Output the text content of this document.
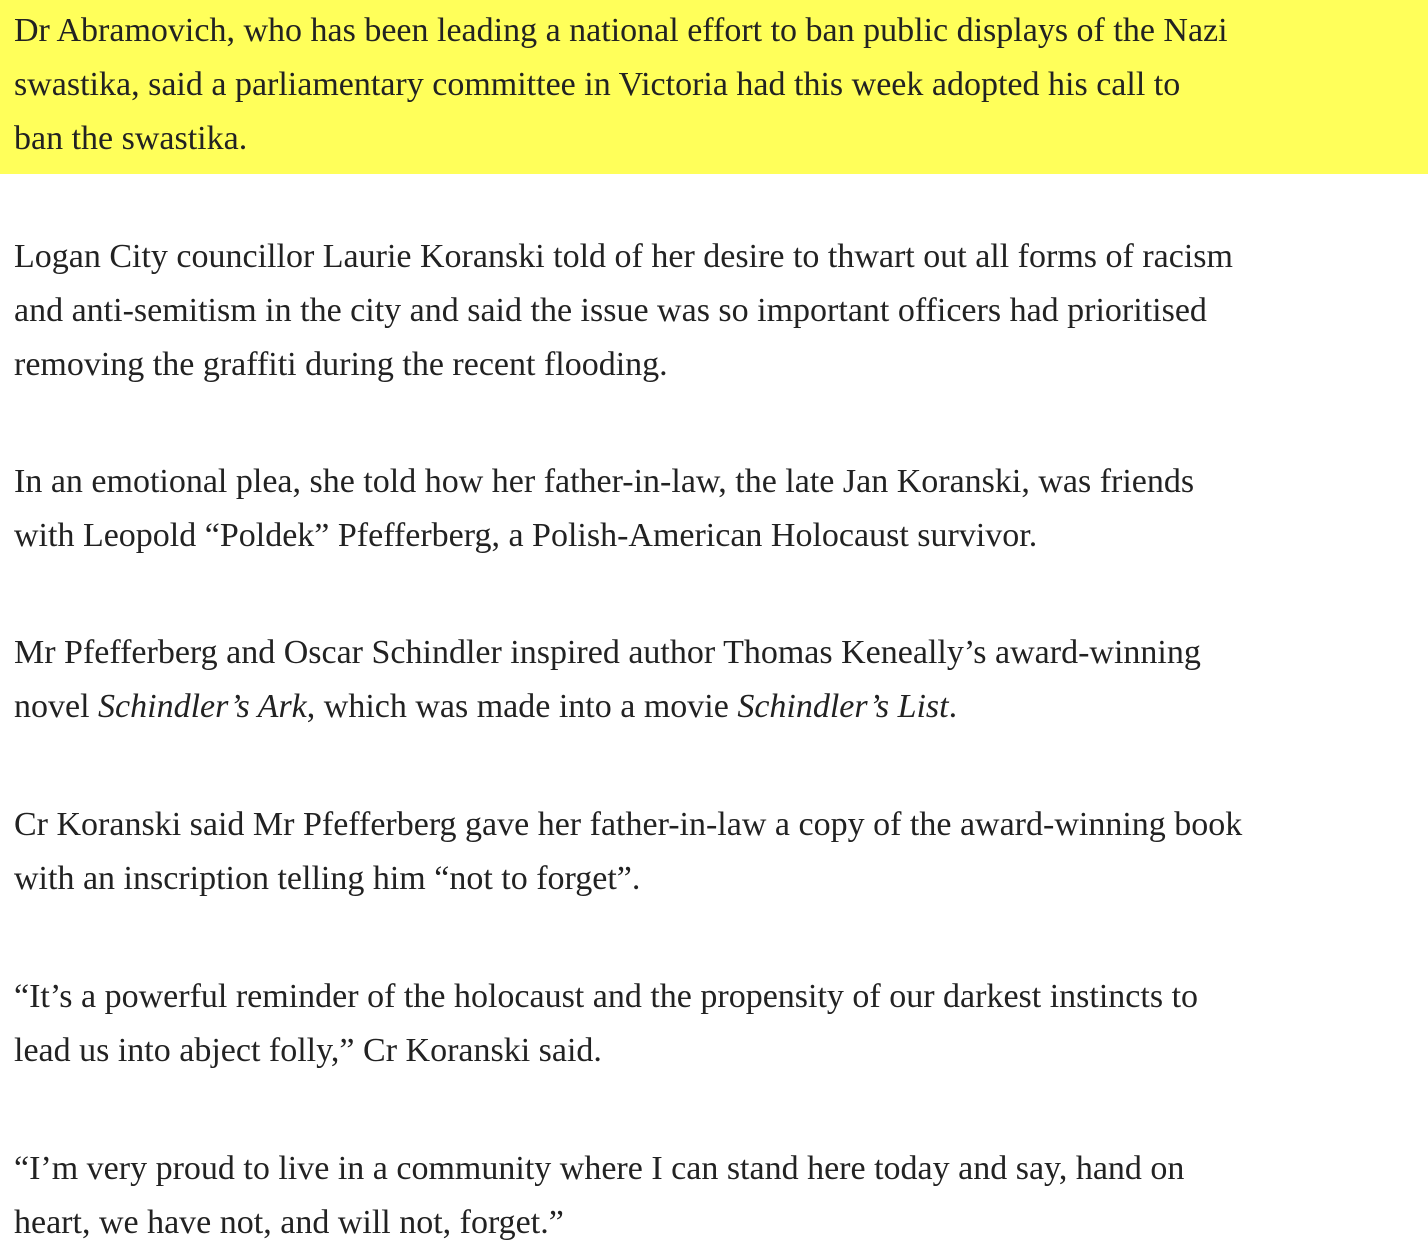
Dr Abramovich, who has been leading a national effort to ban public displays of the Nazi
swastika, said a parliamentary committee in Victoria had this week adopted his call to
ban the swastika.

Logan City councillor Laurie Koranski told of her desire to thwart out all forms of racism
and anti-semitism in the city and said the issue was so important officers had prioritised
removing the graffiti during the recent flooding.

In an emotional plea, she told how her father-in-law, the late Jan Koranski, was friends
with Leopold “Poldek” Pfefferberg, a Polish-American Holocaust survivor.

Mr Pfefferberg and Oscar Schindler inspired author Thomas Keneally’s award-winning
novel Schindler’s Ark, which was made into a movie Schindler’s List.

Cr Koranski said Mr Pfefferberg gave her father-in-law a copy of the award-winning book
with an inscription telling him “not to forget”.

“It’s a powerful reminder of the holocaust and the propensity of our darkest instincts to
lead us into abject folly,” Cr Koranski said.

“I’m very proud to live in a community where I can stand here today and say, hand on
heart, we have not, and will not, forget.”
